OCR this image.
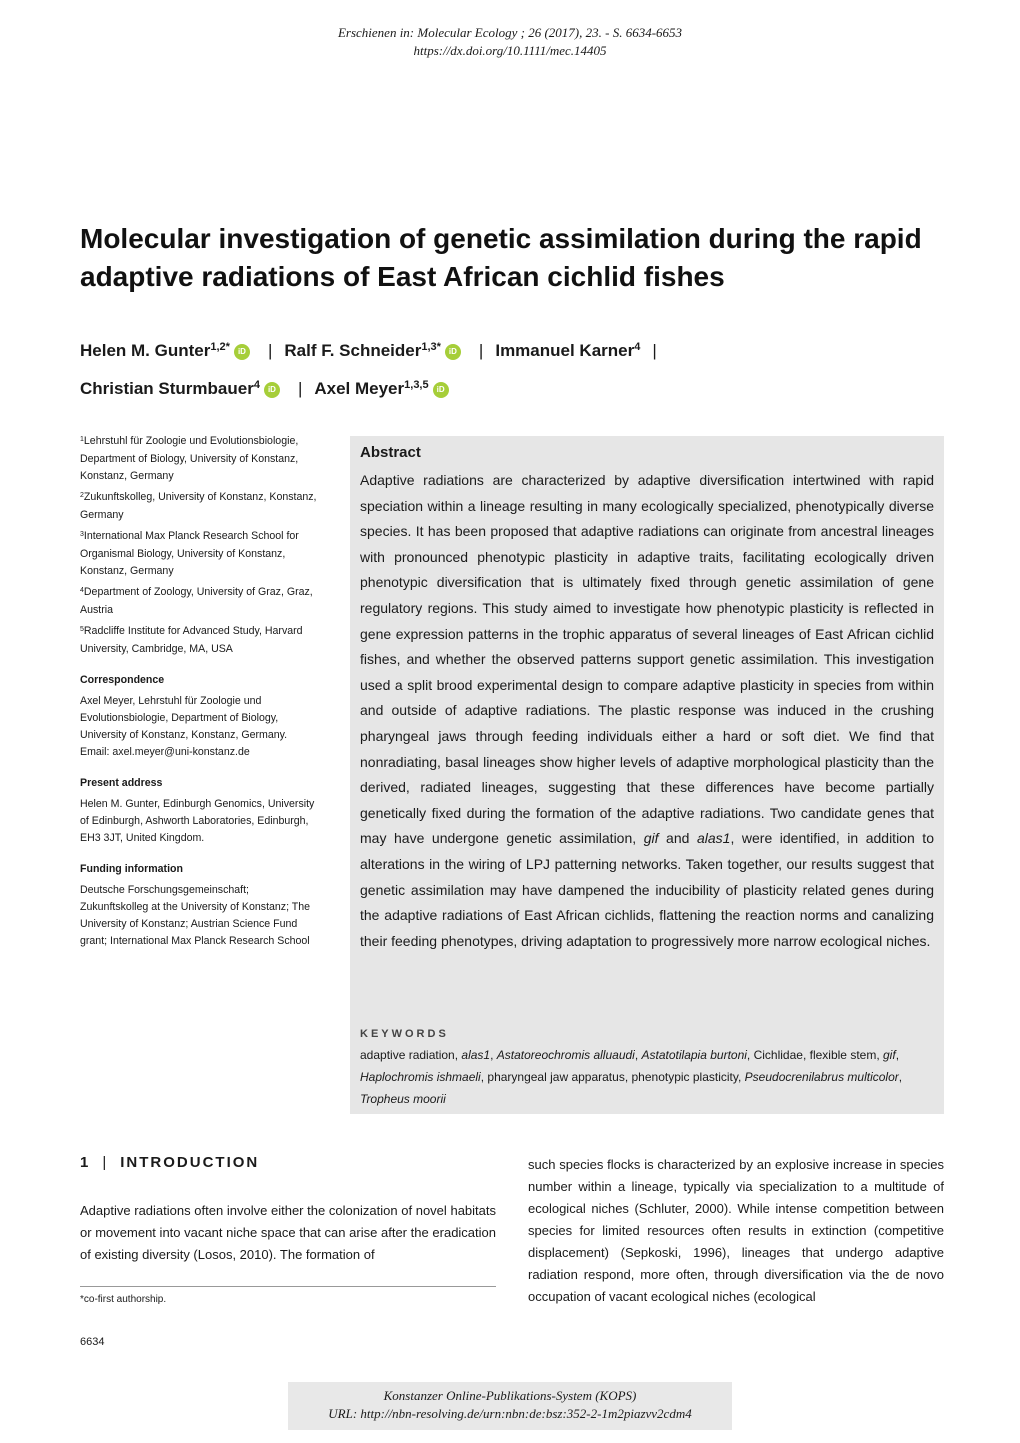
Erschienen in: Molecular Ecology ; 26 (2017), 23. - S. 6634-6653
https://dx.doi.org/10.1111/mec.14405
Molecular investigation of genetic assimilation during the rapid adaptive radiations of East African cichlid fishes
Helen M. Gunter$^{1,2*}$ iD | Ralf F. Schneider$^{1,3*}$ iD | Immanuel Karner$^4$ |
Christian Sturmbauer$^4$ iD | Axel Meyer$^{1,3,5}$ iD

$^1$Lehrstuhl für Zoologie und Evolutionsbiologie, Department of Biology, University of Konstanz, Konstanz, Germany

$^2$Zukunftskolleg, University of Konstanz, Konstanz, Germany

$^3$International Max Planck Research School for Organismal Biology, University of Konstanz, Konstanz, Germany

$^4$Department of Zoology, University of Graz, Graz, Austria

$^5$Radcliffe Institute for Advanced Study, Harvard University, Cambridge, MA, USA

Correspondence

Axel Meyer, Lehrstuhl für Zoologie und Evolutionsbiologie, Department of Biology, University of Konstanz, Konstanz, Germany.

Email: axel.meyer@uni-konstanz.de

Present address

Helen M. Gunter, Edinburgh Genomics, University of Edinburgh, Ashworth Laboratories, Edinburgh, EH3 3JT, United Kingdom.

Funding information

Deutsche Forschungsgemeinschaft; Zukunftskolleg at the University of Konstanz; The University of Konstanz; Austrian Science Fund grant; International Max Planck Research School

Abstract
Adaptive radiations are characterized by adaptive diversification intertwined with rapid speciation within a lineage resulting in many ecologically specialized, phenotypically diverse species. It has been proposed that adaptive radiations can originate from ancestral lineages with pronounced phenotypic plasticity in adaptive traits, facilitating ecologically driven phenotypic diversification that is ultimately fixed through genetic assimilation of gene regulatory regions. This study aimed to investigate how phenotypic plasticity is reflected in gene expression patterns in the trophic apparatus of several lineages of East African cichlid fishes, and whether the observed patterns support genetic assimilation. This investigation used a split brood experimental design to compare adaptive plasticity in species from within and outside of adaptive radiations. The plastic response was induced in the crushing pharyngeal jaws through feeding individuals either a hard or soft diet. We find that nonradiating, basal lineages show higher levels of adaptive morphological plasticity than the derived, radiated lineages, suggesting that these differences have become partially genetically fixed during the formation of the adaptive radiations. Two candidate genes that may have undergone genetic assimilation, gif and alas1, were identified, in addition to alterations in the wiring of LPJ patterning networks. Taken together, our results suggest that genetic assimilation may have dampened the inducibility of plasticity related genes during the adaptive radiations of East African cichlids, flattening the reaction norms and canalizing their feeding phenotypes, driving adaptation to progressively more narrow ecological niches.
KEYWORDS
adaptive radiation, alas1, Astatoreochromis alluaudi, Astatotilapia burtoni, Cichlidae, flexible stem, gif, Haplochromis ishmaeli, pharyngeal jaw apparatus, phenotypic plasticity, Pseudocrenilabrus multicolor, Tropheus moorii
1 | INTRODUCTION
Adaptive radiations often involve either the colonization of novel habitats or movement into vacant niche space that can arise after the eradication of existing diversity (Losos, 2010). The formation of
such species flocks is characterized by an explosive increase in species number within a lineage, typically via specialization to a multitude of ecological niches (Schluter, 2000). While intense competition between species for limited resources often results in extinction (competitive displacement) (Sepkoski, 1996), lineages that undergo adaptive radiation respond, more often, through diversification via the de novo occupation of vacant ecological niches (ecological
*co-first authorship.
6634
Konstanzer Online-Publikations-System (KOPS)
URL: http://nbn-resolving.de/urn:nbn:de:bsz:352-2-1m2piazvv2cdm4
